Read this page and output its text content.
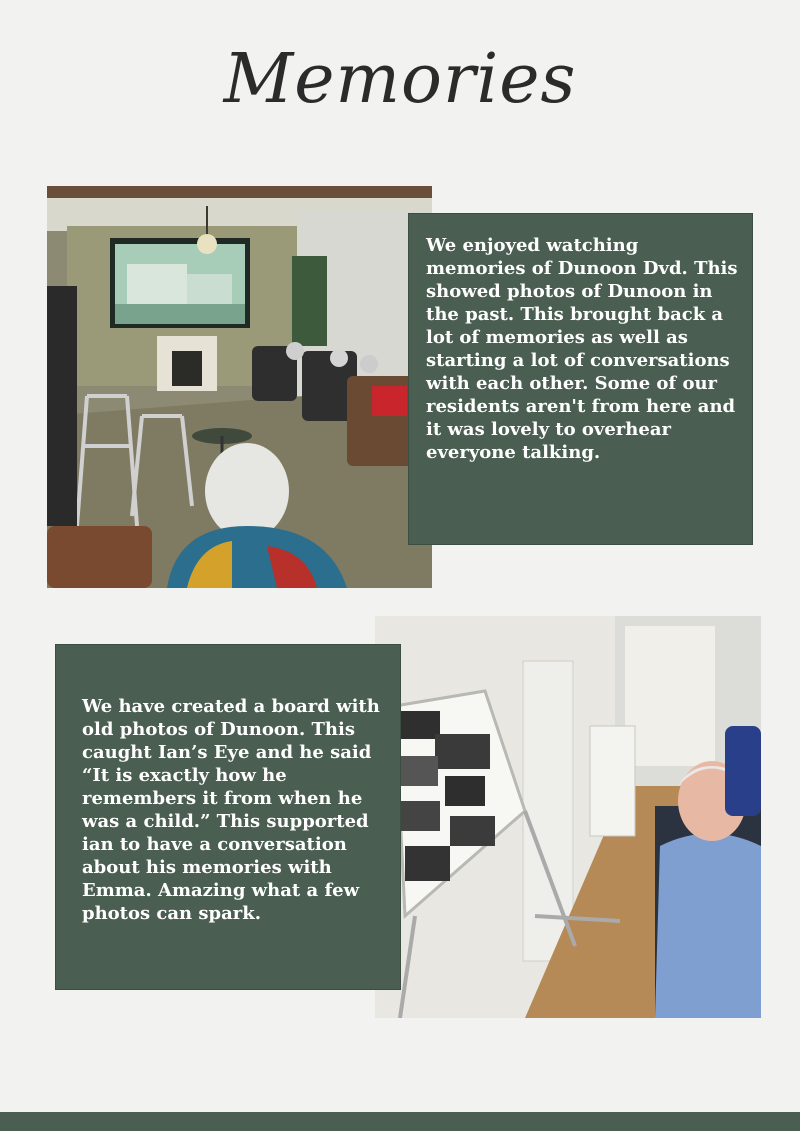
Memories

We enjoyed watching memories of Dunoon Dvd. This showed photos of Dunoon in the past. This brought back a lot of memories as well as starting a lot of conversations with each other. Some of our residents aren't from here and it was lovely to overhear everyone talking.

We have created a board with old photos of Dunoon. This caught Ian’s Eye and he said “It is exactly how he remembers it from when he was a child.” This supported ian to have a conversation about his memories with Emma. Amazing what a few photos can spark.
